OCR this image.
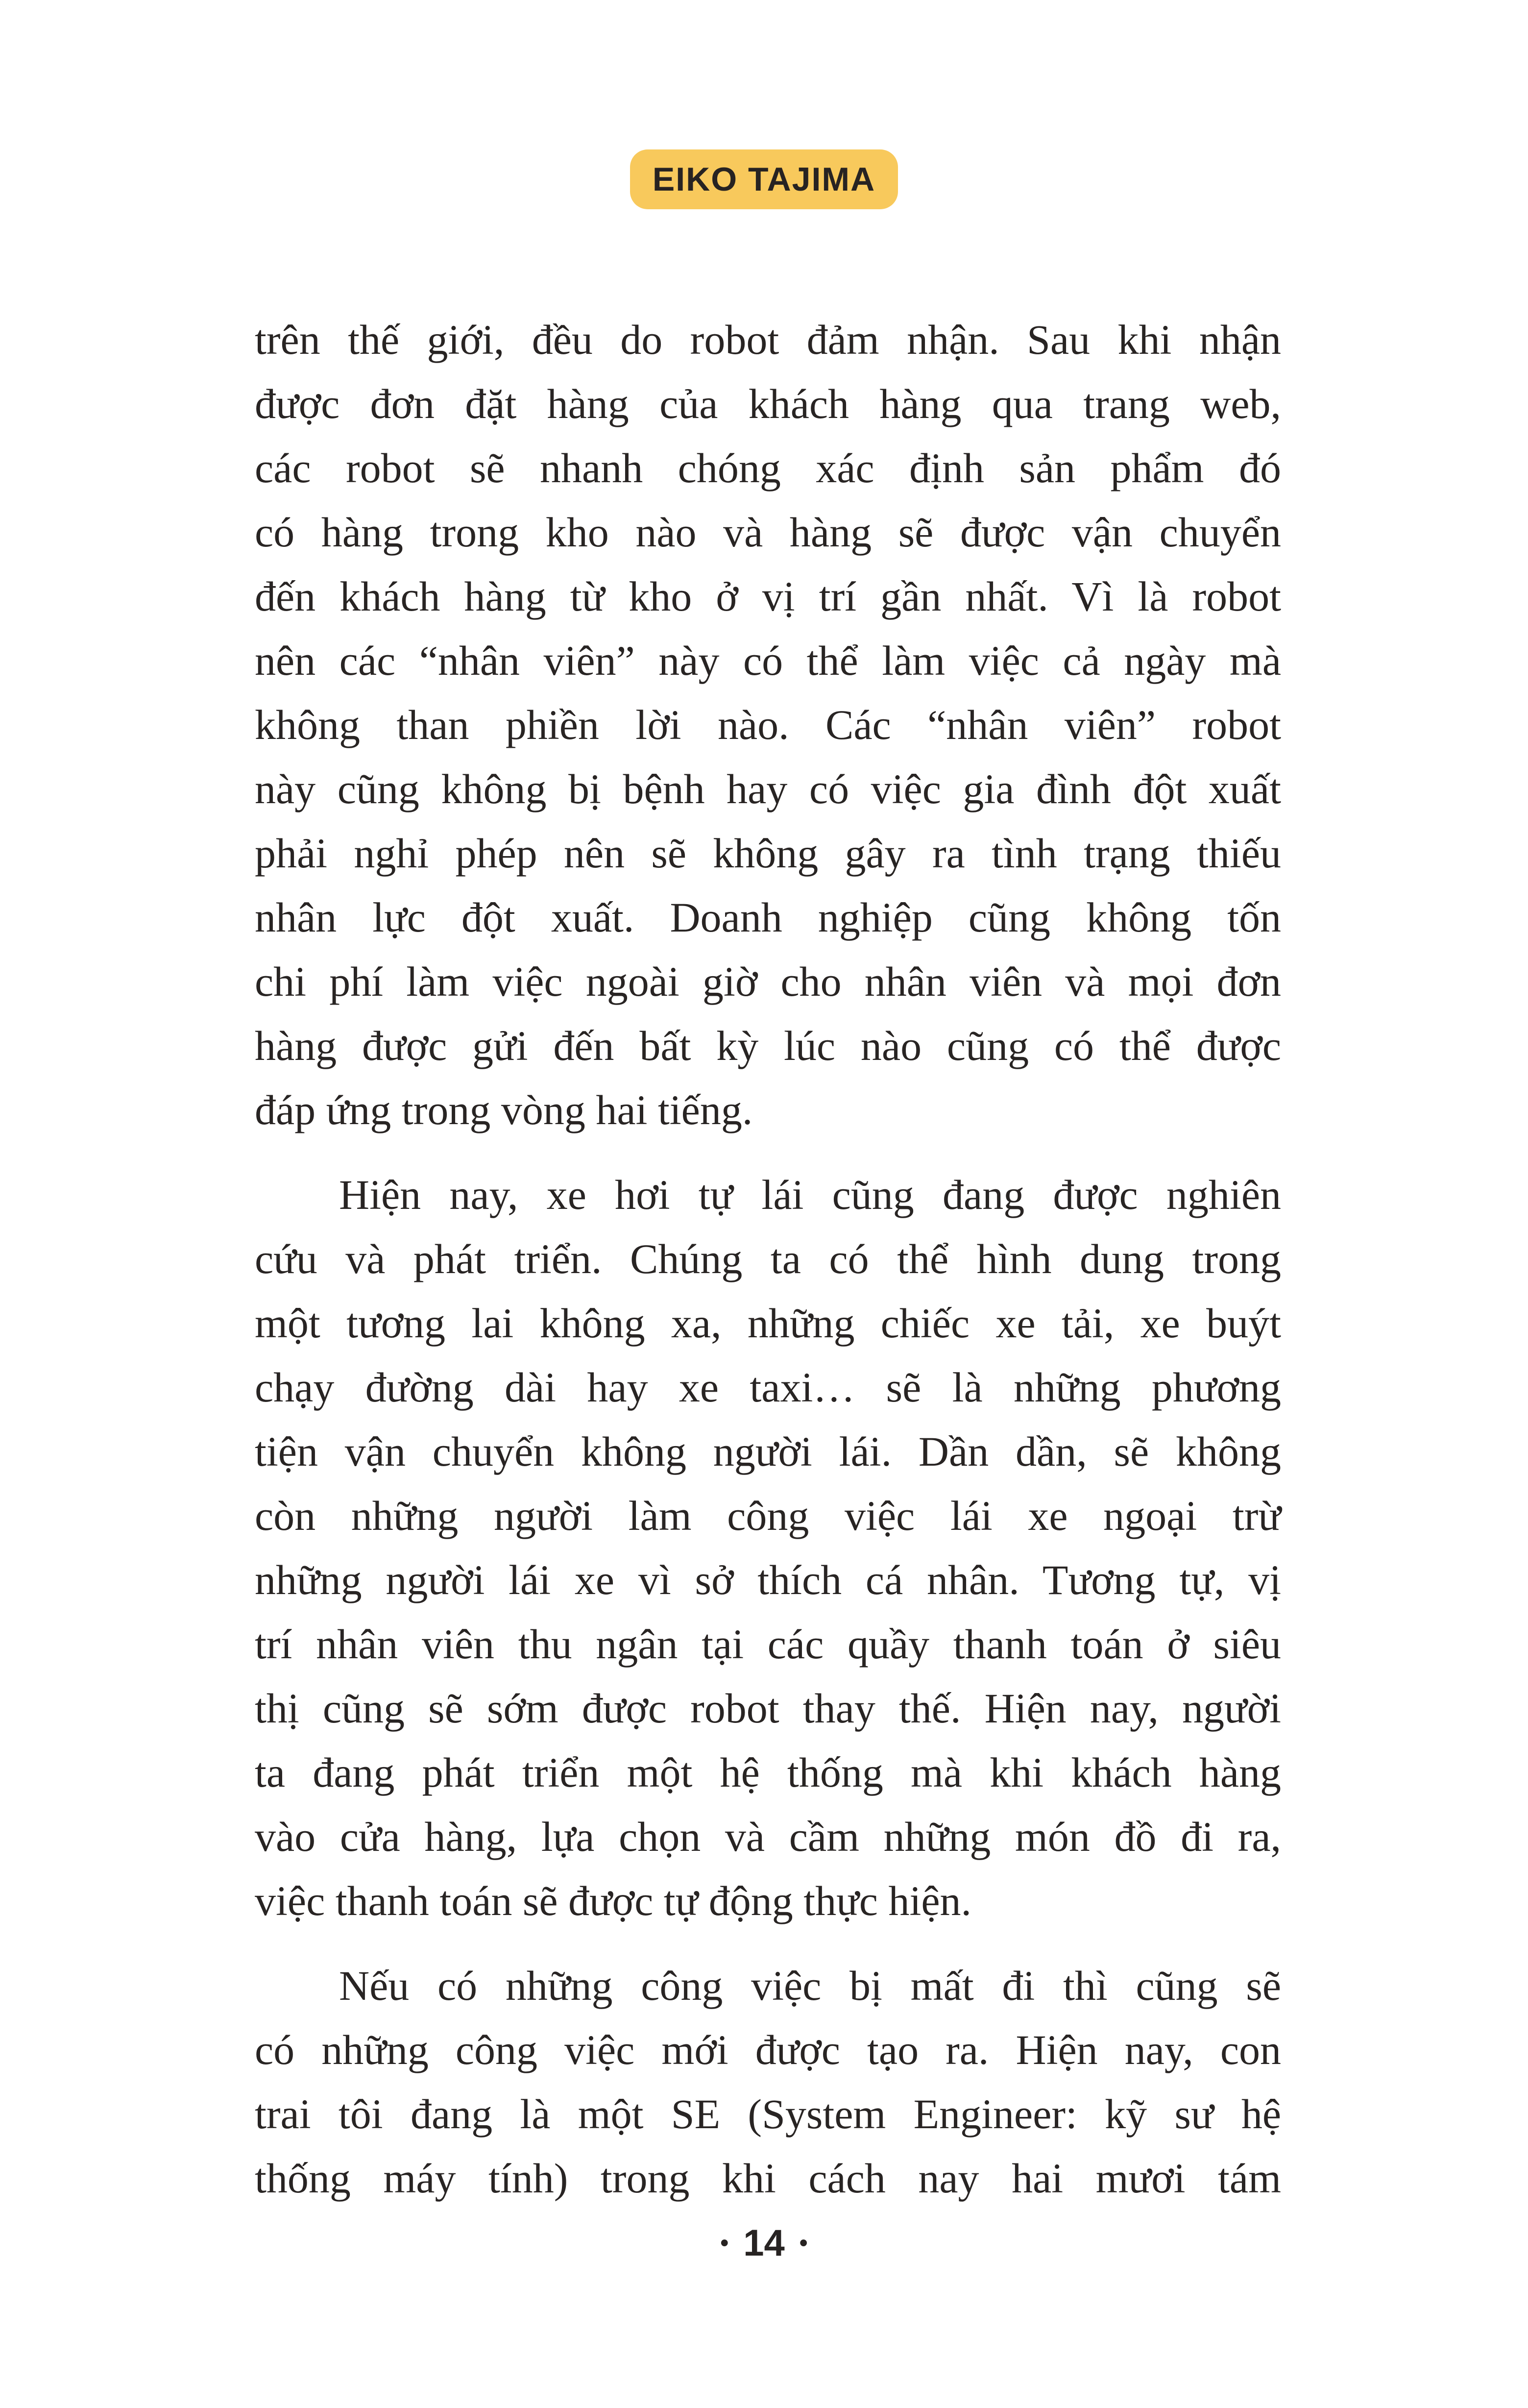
EIKO TAJIMA
trên thế giới, đều do robot đảm nhận. Sau khi nhận
được đơn đặt hàng của khách hàng qua trang web,
các robot sẽ nhanh chóng xác định sản phẩm đó
có hàng trong kho nào và hàng sẽ được vận chuyển
đến khách hàng từ kho ở vị trí gần nhất. Vì là robot
nên các “nhân viên” này có thể làm việc cả ngày mà
không than phiền lời nào. Các “nhân viên” robot
này cũng không bị bệnh hay có việc gia đình đột xuất
phải nghỉ phép nên sẽ không gây ra tình trạng thiếu
nhân lực đột xuất. Doanh nghiệp cũng không tốn
chi phí làm việc ngoài giờ cho nhân viên và mọi đơn
hàng được gửi đến bất kỳ lúc nào cũng có thể được
đáp ứng trong vòng hai tiếng.
Hiện nay, xe hơi tự lái cũng đang được nghiên
cứu và phát triển. Chúng ta có thể hình dung trong
một tương lai không xa, những chiếc xe tải, xe buýt
chạy đường dài hay xe taxi… sẽ là những phương
tiện vận chuyển không người lái. Dần dần, sẽ không
còn những người làm công việc lái xe ngoại trừ
những người lái xe vì sở thích cá nhân. Tương tự, vị
trí nhân viên thu ngân tại các quầy thanh toán ở siêu
thị cũng sẽ sớm được robot thay thế. Hiện nay, người
ta đang phát triển một hệ thống mà khi khách hàng
vào cửa hàng, lựa chọn và cầm những món đồ đi ra,
việc thanh toán sẽ được tự động thực hiện.
Nếu có những công việc bị mất đi thì cũng sẽ
có những công việc mới được tạo ra. Hiện nay, con
trai tôi đang là một SE (System Engineer: kỹ sư hệ
thống máy tính) trong khi cách nay hai mươi tám
• 14 •
